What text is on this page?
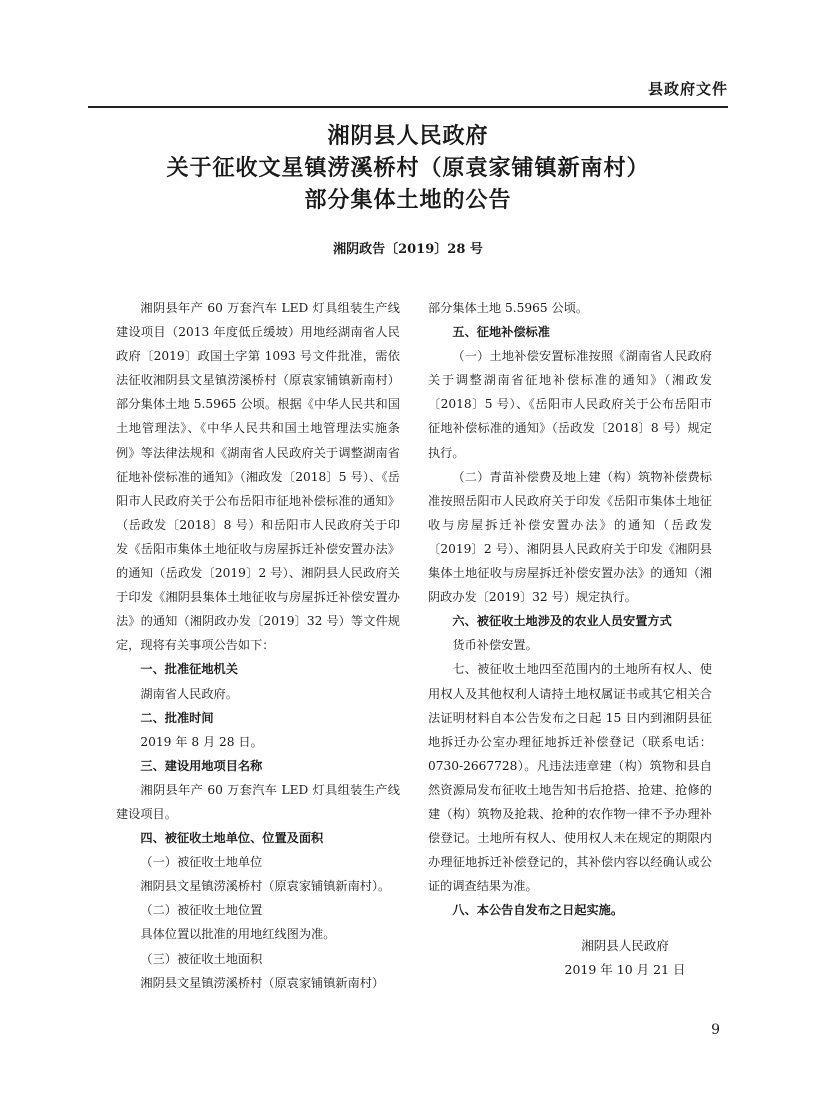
县政府文件
湘阴县人民政府
关于征收文星镇涝溪桥村（原袁家铺镇新南村）
部分集体土地的公告
湘阴政告〔2019〕28 号

湘阴县年产 60 万套汽车 LED 灯具组装生产线建设项目（2013 年度低丘缓坡）用地经湖南省人民政府〔2019〕政国土字第 1093 号文件批准，需依法征收湘阴县文星镇涝溪桥村（原袁家铺镇新南村）部分集体土地 5.5965 公顷。根据《中华人民共和国土地管理法》、《中华人民共和国土地管理法实施条例》等法律法规和《湖南省人民政府关于调整湖南省征地补偿标准的通知》（湘政发〔2018〕5 号）、《岳阳市人民政府关于公布岳阳市征地补偿标准的通知》（岳政发〔2018〕8 号）和岳阳市人民政府关于印发《岳阳市集体土地征收与房屋拆迁补偿安置办法》的通知（岳政发〔2019〕2 号）、湘阴县人民政府关于印发《湘阴县集体土地征收与房屋拆迁补偿安置办法》的通知（湘阴政办发〔2019〕32 号）等文件规定，现将有关事项公告如下：

一、批准征地机关

湖南省人民政府。

二、批准时间

2019 年 8 月 28 日。

三、建设用地项目名称

湘阴县年产 60 万套汽车 LED 灯具组装生产线建设项目。

四、被征收土地单位、位置及面积

（一）被征收土地单位

湘阴县文星镇涝溪桥村（原袁家铺镇新南村）。

（二）被征收土地位置

具体位置以批准的用地红线图为准。

（三）被征收土地面积

湘阴县文星镇涝溪桥村（原袁家铺镇新南村）

部分集体土地 5.5965 公顷。

五、征地补偿标准

（一）土地补偿安置标准按照《湖南省人民政府关于调整湖南省征地补偿标准的通知》（湘政发〔2018〕5 号）、《岳阳市人民政府关于公布岳阳市征地补偿标准的通知》（岳政发〔2018〕8 号）规定执行。

（二）青苗补偿费及地上建（构）筑物补偿费标准按照岳阳市人民政府关于印发《岳阳市集体土地征收与房屋拆迁补偿安置办法》的通知（岳政发〔2019〕2 号）、湘阴县人民政府关于印发《湘阴县集体土地征收与房屋拆迁补偿安置办法》的通知（湘阴政办发〔2019〕32 号）规定执行。

六、被征收土地涉及的农业人员安置方式

货币补偿安置。

七、被征收土地四至范围内的土地所有权人、使用权人及其他权利人请持土地权属证书或其它相关合法证明材料自本公告发布之日起 15 日内到湘阴县征地拆迁办公室办理征地拆迁补偿登记（联系电话：0730-2667728）。凡违法违章建（构）筑物和县自然资源局发布征收土地告知书后抢搭、抢建、抢修的建（构）筑物及抢栽、抢种的农作物一律不予办理补偿登记。土地所有权人、使用权人未在规定的期限内办理征地拆迁补偿登记的，其补偿内容以经确认或公证的调查结果为准。

八、本公告自发布之日起实施。

湘阴县人民政府
2019 年 10 月 21 日
9
